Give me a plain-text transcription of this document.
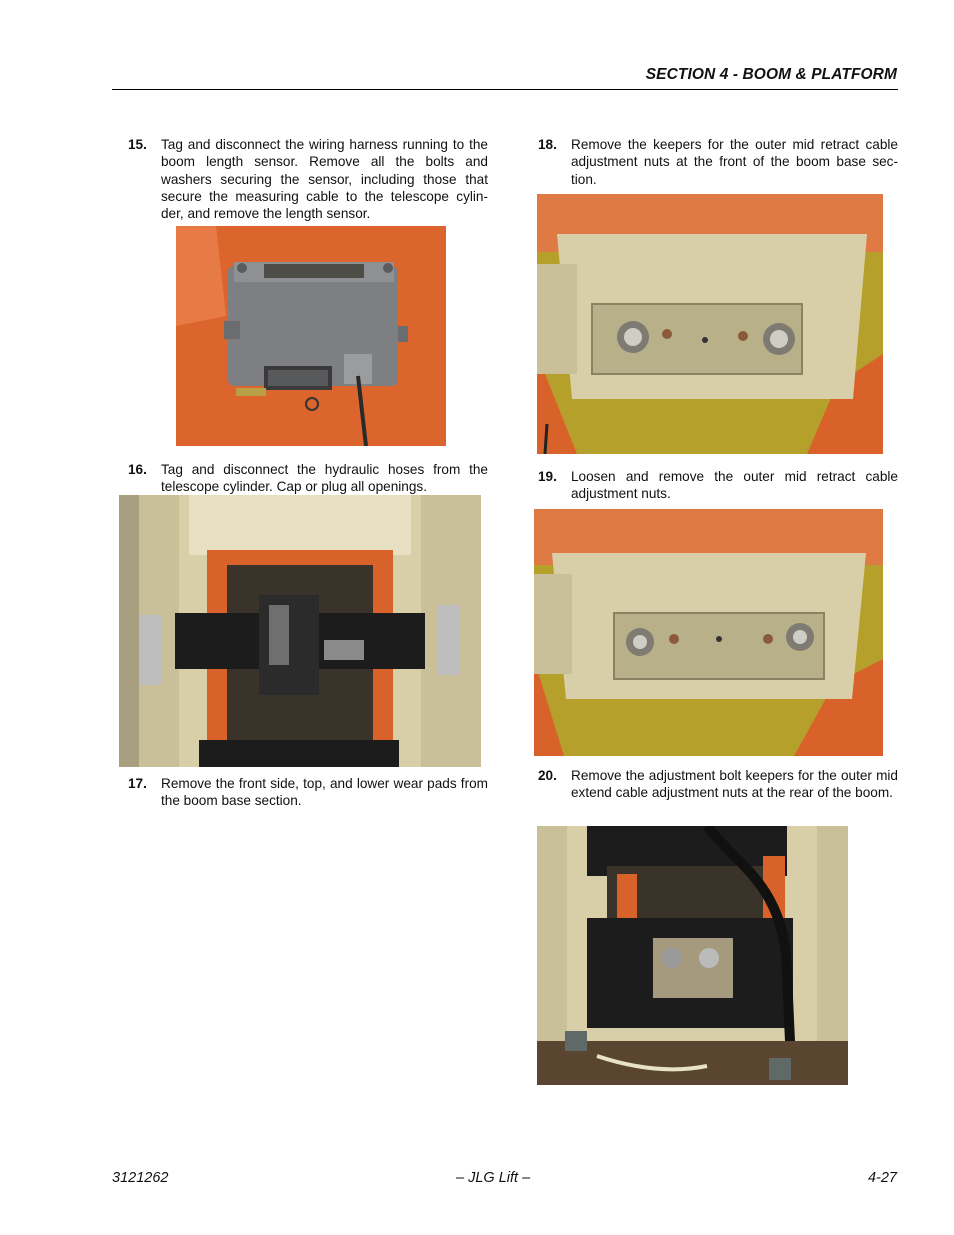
SECTION 4 - BOOM & PLATFORM
15. Tag and disconnect the wiring harness running to the boom length sensor. Remove all the bolts and washers securing the sensor, including those that secure the measuring cable to the telescope cylin- der, and remove the length sensor.
16. Tag and disconnect the hydraulic hoses from the telescope cylinder. Cap or plug all openings.
17. Remove the front side, top, and lower wear pads from the boom base section.
18. Remove the keepers for the outer mid retract cable adjustment nuts at the front of the boom base sec- tion.
19. Loosen and remove the outer mid retract cable adjustment nuts.
20. Remove the adjustment bolt keepers for the outer mid extend cable adjustment nuts at the rear of the boom.
3121262	– JLG Lift –	4-27
